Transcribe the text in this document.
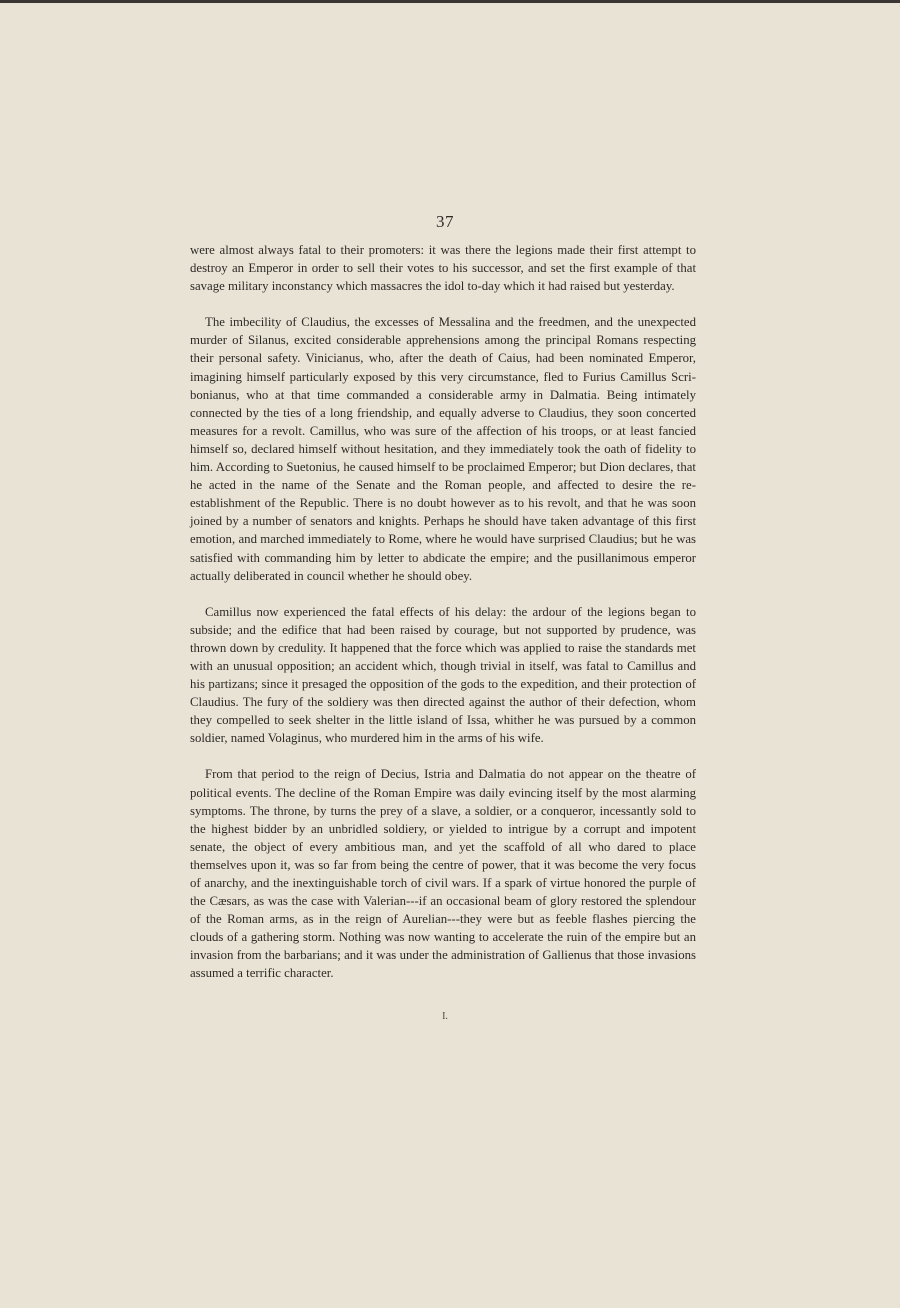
37

were almost always fatal to their promoters: it was there the legions made their first attempt to destroy an Emperor in order to sell their votes to his successor, and set the first example of that savage military inconstancy which massacres the idol to-day which it had raised but yesterday.

The imbecility of Claudius, the excesses of Messalina and the freedmen, and the unexpected murder of Silanus, excited considerable apprehensions among the principal Romans respecting their personal safety. Vinicianus, who, after the death of Caius, had been nominated Emperor, imagining himself particularly exposed by this very circumstance, fled to Furius Camillus Scribonianus, who at that time commanded a considerable army in Dalmatia. Being intimately connected by the ties of a long friendship, and equally adverse to Claudius, they soon concerted measures for a revolt. Camillus, who was sure of the affection of his troops, or at least fancied himself so, declared himself without hesitation, and they immediately took the oath of fidelity to him. According to Suetonius, he caused himself to be proclaimed Emperor; but Dion declares, that he acted in the name of the Senate and the Roman people, and affected to desire the re-establishment of the Republic. There is no doubt however as to his revolt, and that he was soon joined by a number of senators and knights. Perhaps he should have taken advantage of this first emotion, and marched immediately to Rome, where he would have surprised Claudius; but he was satisfied with commanding him by letter to abdicate the empire; and the pusillanimous emperor actually deliberated in council whether he should obey.

Camillus now experienced the fatal effects of his delay: the ardour of the legions began to subside; and the edifice that had been raised by courage, but not supported by prudence, was thrown down by credulity. It happened that the force which was applied to raise the standards met with an unusual opposition; an accident which, though trivial in itself, was fatal to Camillus and his partizans; since it presaged the opposition of the gods to the expedition, and their protection of Claudius. The fury of the soldiery was then directed against the author of their defection, whom they compelled to seek shelter in the little island of Issa, whither he was pursued by a common soldier, named Volaginus, who murdered him in the arms of his wife.

From that period to the reign of Decius, Istria and Dalmatia do not appear on the theatre of political events. The decline of the Roman Empire was daily evincing itself by the most alarming symptoms. The throne, by turns the prey of a slave, a soldier, or a conqueror, incessantly sold to the highest bidder by an unbridled soldiery, or yielded to intrigue by a corrupt and impotent senate, the object of every ambitious man, and yet the scaffold of all who dared to place themselves upon it, was so far from being the centre of power, that it was become the very focus of anarchy, and the inextinguishable torch of civil wars. If a spark of virtue honored the purple of the Cæsars, as was the case with Valerian---if an occasional beam of glory restored the splendour of the Roman arms, as in the reign of Aurelian---they were but as feeble flashes piercing the clouds of a gathering storm. Nothing was now wanting to accelerate the ruin of the empire but an invasion from the barbarians; and it was under the administration of Gallienus that those invasions assumed a terrific character.

I.
